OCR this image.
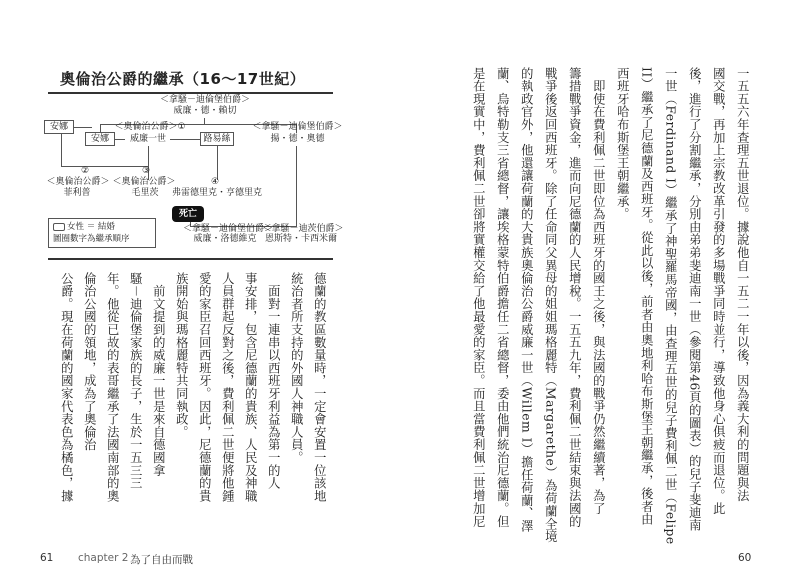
奧倫治公爵的繼承（16～17世紀）
＜拿騷－迪倫堡伯爵＞
威廉・德・賴切
安娜
安娜
＜奧倫治公爵＞①
威廉一世	路易絲
＜拿騷－迪倫堡伯爵＞
揚・德・奧德
②
＜奧倫治公爵＞
菲利普
③
＜奧倫治公爵＞
毛里茨
④
弗雷德里克・亨德里克
死亡
＜拿騷－迪倫堡伯爵＞
威廉・洛德維克
＜拿騷－迪茨伯爵＞
恩斯特・卡西米爾
女性 ＝ 結婚
圖圈數字為繼承順序
德蘭的教區數量時，一定會安置一位該地
統治者所支持的外國人神職人員。
　面對一連串以西班牙利益為第一的人
事安排，包含尼德蘭的貴族、人民及神職
人員群起反對之後，費利佩二世便將他鍾
愛的家臣召回西班牙。因此，尼德蘭的貴
族開始與瑪格麗特共同執政。
　前文提到的威廉一世是來自德國拿
騷－迪倫堡家族的長子，生於一五三三
年。他從已故的表哥繼承了法國南部的奧
倫治公國的領地，成為了奧倫治
公爵。現在荷蘭的國家代表色為橘色，據	一五五六年查理五世退位。據說他自一五二一年以後，因為義大利的問題與法
國交戰，再加上宗教改革引發的多場戰爭同時並行，導致他身心俱疲而退位。此
後，進行了分割繼承，分別由弟弟斐迪南一世（參閱第46頁的圖表）的兒子斐迪南
一世（Ferdinand I）繼承了神聖羅馬帝國，由查理五世的兒子費利佩二世（Felipe
II）繼承了尼德蘭及西班牙。從此以後，前者由奧地利哈布斯堡王朝繼承，後者由
西班牙哈布斯堡王朝繼承。
　即使在費利佩二世即位為西班牙的國王之後，與法國的戰爭仍然繼續著，為了
籌措戰爭資金，進而向尼德蘭的人民增稅。一五五九年，費利佩二世結束與法國的
戰爭後返回西班牙。除了任命同父異母的姐姐瑪格麗特（Margarethe）為荷蘭全境
的執政官外，他還讓荷蘭的大貴族奧倫治公爵威廉一世（Willem I）擔任荷蘭、澤
蘭、烏特勒支三省總督，讓埃格蒙特伯爵擔任二省總督，委由他們統治尼德蘭。但
是在現實中，費利佩二世卻將實權交給了他最愛的家臣。而且當費利佩二世增加尼
61 chapter 2 為了自由而戰	60
